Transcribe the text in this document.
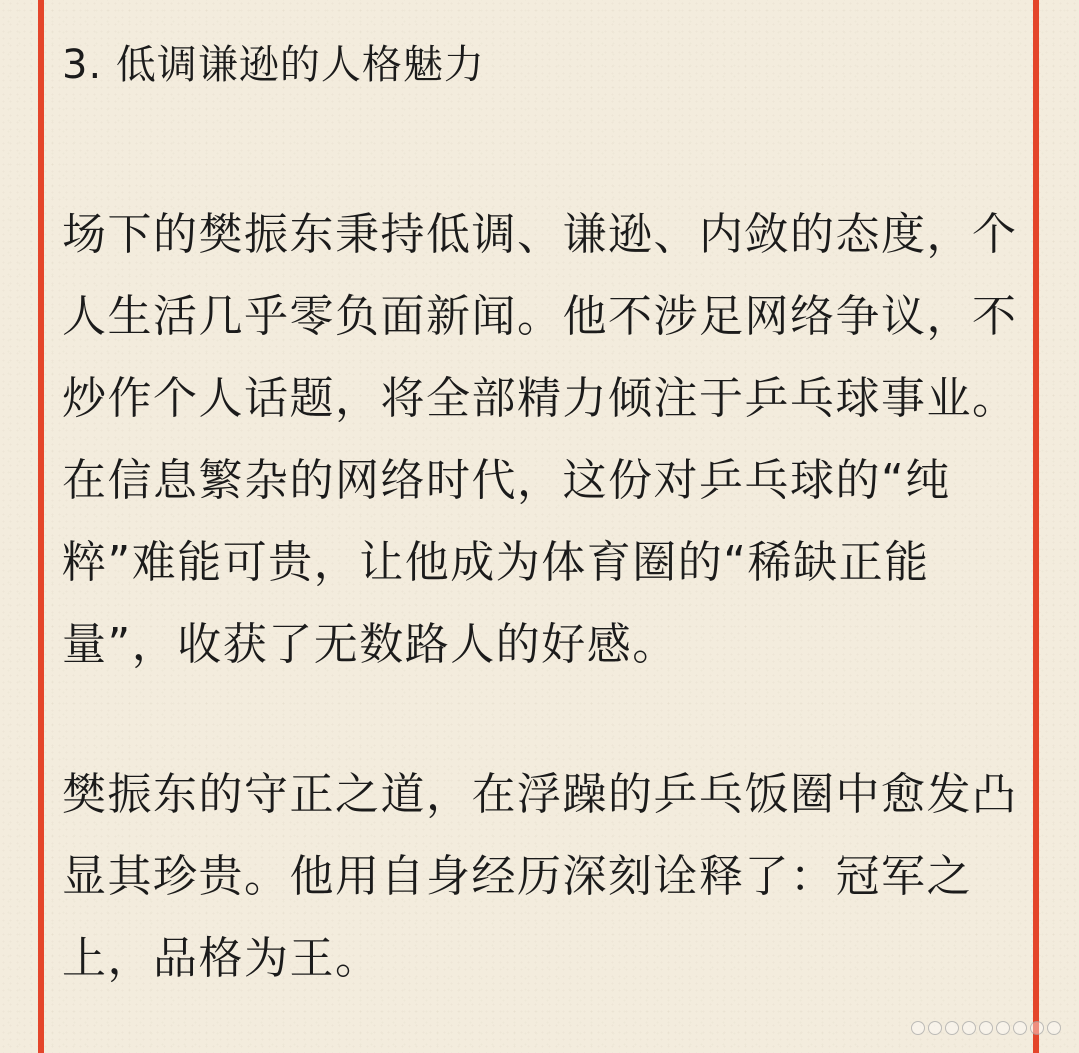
3. 低调谦逊的人格魅力

场下的樊振东秉持低调、谦逊、内敛的态度，个人生活几乎零负面新闻。他不涉足网络争议，不炒作个人话题，将全部精力倾注于乒乓球事业。在信息繁杂的网络时代，这份对乒乓球的“纯粹”难能可贵，让他成为体育圈的“稀缺正能量”，收获了无数路人的好感。

樊振东的守正之道，在浮躁的乒乓饭圈中愈发凸显其珍贵。他用自身经历深刻诠释了：冠军之上，品格为王。
